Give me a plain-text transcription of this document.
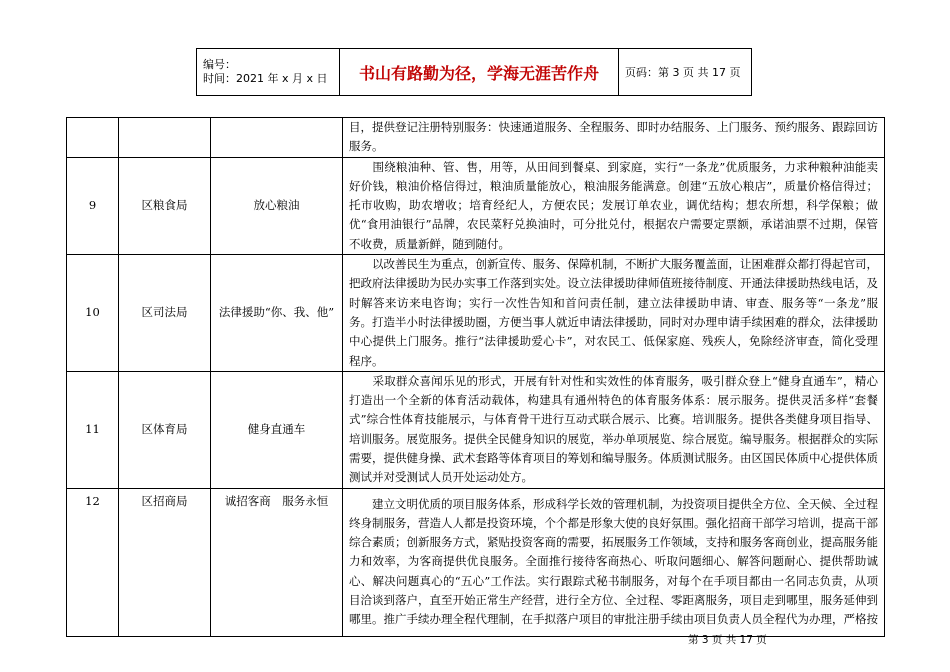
编号：
时间：2021 年 x 月 x 日	书山有路勤为径，学海无涯苦作舟	页码：第 3 页 共 17 页

			目，提供登记注册特别服务：快速通道服务、全程服务、即时办结服务、上门服务、预约服务、跟踪回访服务。

9	区粮食局	放心粮油	　　围绕粮油种、管、售，用等，从田间到餐桌、到家庭，实行“一条龙”优质服务，力求种粮种油能卖好价钱，粮油价格信得过，粮油质量能放心，粮油服务能满意。创建“五放心粮店”，质量价格信得过；托市收购，助农增收；培育经纪人，方便农民；发展订单农业，调优结构；想农所想，科学保粮；做优“食用油银行”品牌，农民菜籽兑换油时，可分批兑付，根据农户需要定票额，承诺油票不过期，保管不收费，质量新鲜，随到随付。

10	区司法局	法律援助“你、我、他”	　　以改善民生为重点，创新宣传、服务、保障机制，不断扩大服务覆盖面，让困难群众都打得起官司，把政府法律援助为民办实事工作落到实处。设立法律援助律师值班接待制度、开通法律援助热线电话，及时解答来访来电咨询；实行一次性告知和首问责任制，建立法律援助申请、审查、服务等“一条龙”服务。打造半小时法律援助圈，方便当事人就近申请法律援助，同时对办理申请手续困难的群众，法律援助中心提供上门服务。推行“法律援助爱心卡”，对农民工、低保家庭、残疾人，免除经济审查，简化受理程序。

11	区体育局	健身直通车	　　采取群众喜闻乐见的形式，开展有针对性和实效性的体育服务，吸引群众登上“健身直通车”，精心打造出一个全新的体育活动载体，构建具有通州特色的体育服务体系：展示服务。提供灵活多样“套餐式”综合性体育技能展示，与体育骨干进行互动式联合展示、比赛。培训服务。提供各类健身项目指导、培训服务。展览服务。提供全民健身知识的展览，举办单项展览、综合展览。编导服务。根据群众的实际需要，提供健身操、武术套路等体育项目的筹划和编导服务。体质测试服务。由区国民体质中心提供体质测试并对受测试人员开处运动处方。

12	区招商局	诚招客商　服务永恒	　　建立文明优质的项目服务体系，形成科学长效的管理机制，为投资项目提供全方位、全天候、全过程终身制服务，营造人人都是投资环境，个个都是形象大使的良好氛围。强化招商干部学习培训，提高干部综合素质；创新服务方式，紧贴投资客商的需要，拓展服务工作领域，支持和服务客商创业，提高服务能力和效率，为客商提供优良服务。全面推行接待客商热心、听取问题细心、解答问题耐心、提供帮助诚心、解决问题真心的“五心”工作法。实行跟踪式秘书制服务，对每个在手项目都由一名同志负责，从项目洽谈到落户，直至开始正常生产经营，进行全方位、全过程、零距离服务，项目走到哪里，服务延伸到哪里。推广手续办理全程代理制，在手拟落户项目的审批注册手续由项目负责人员全程代为办理，严格按
第 3 页 共 17 页
